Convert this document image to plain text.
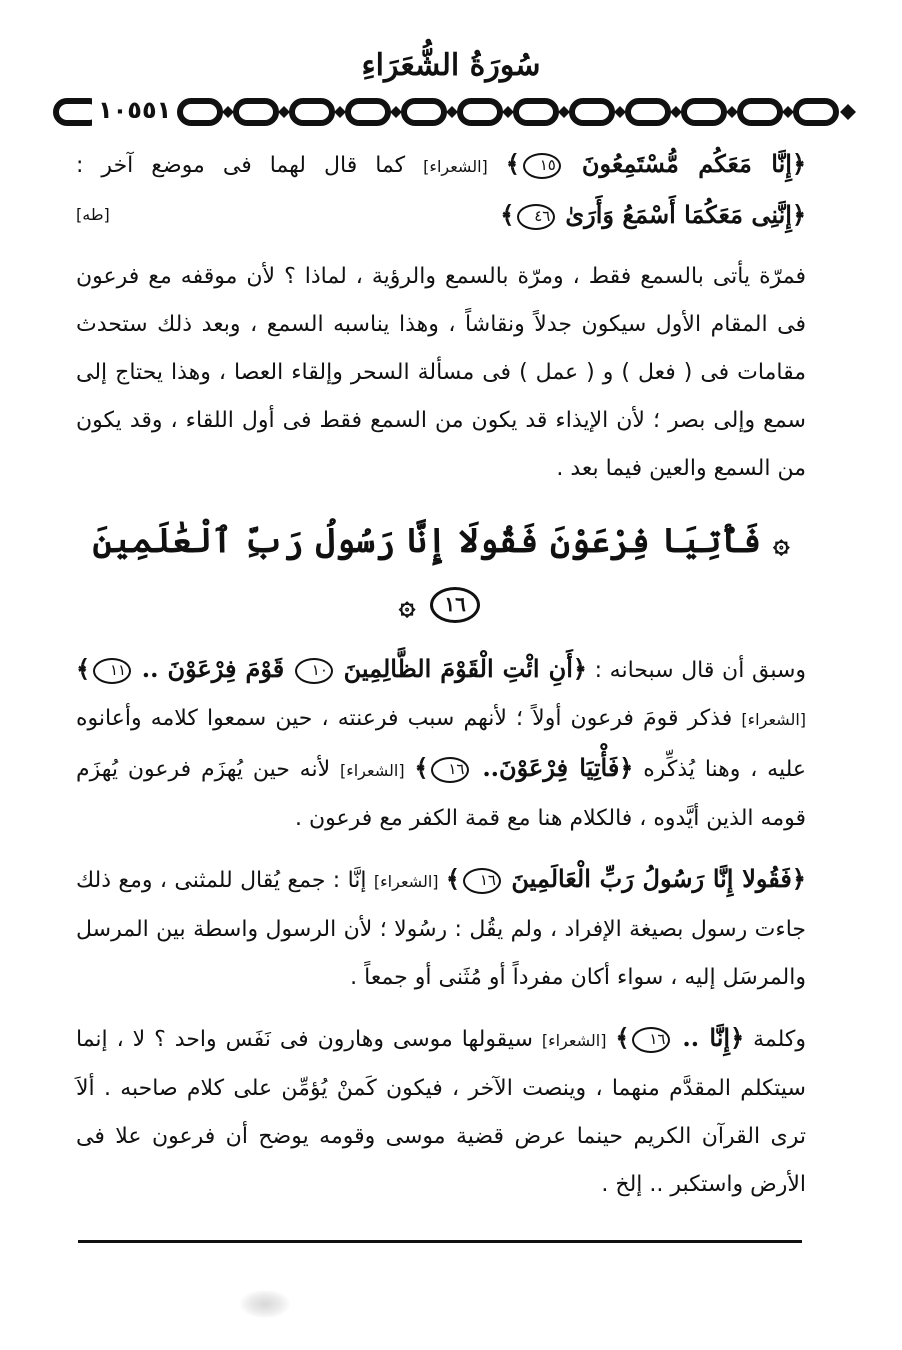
سُورَةُ الشُّعَرَاءِ
١٠٥٥١

﴿إِنَّا مَعَكُم مُّسْتَمِعُونَ ١٥﴾ [الشعراء] كما قال لهما فى موضع آخر : ﴿إِنَّنِى مَعَكُمَا أَسْمَعُ وَأَرَىٰ ٤٦﴾
[طه]

فمرّة يأتى بالسمع فقط ، ومرّة بالسمع والرؤية ، لماذا ؟ لأن موقفه مع فرعون فى المقام الأول سيكون جدلاً ونقاشاً ، وهذا يناسبه السمع ، وبعد ذلك ستحدث مقامات فى ( فعل ) و ( عمل ) فى مسألة السحر وإلقاء العصا ، وهذا يحتاج إلى سمع وإلى بصر ؛ لأن الإيذاء قد يكون من السمع فقط فى أول اللقاء ، وقد يكون من السمع والعين فيما بعد .

۞ فَأْتِيَا فِرْعَوْنَ فَقُولَا إِنَّا رَسُولُ رَبِّ ٱلْعَٰلَمِينَ ١٦ ۞

وسبق أن قال سبحانه : ﴿أَنِ ائْتِ الْقَوْمَ الظَّالِمِينَ ١٠ قَوْمَ فِرْعَوْنَ .. ١١﴾ [الشعراء] فذكر قومَ فرعون أولاً ؛ لأنهم سبب فرعنته ، حين سمعوا كلامه وأعانوه عليه ، وهنا يُذكِّره ﴿فَأْتِيَا فِرْعَوْنَ.. ١٦﴾ [الشعراء] لأنه حين يُهزَم فرعون يُهزَم قومه الذين أيَّدوه ، فالكلام هنا مع قمة الكفر مع فرعون .

﴿فَقُولا إِنَّا رَسُولُ رَبِّ الْعَالَمِينَ ١٦﴾ [الشعراء] إنَّا : جمع يُقال للمثنى ، ومع ذلك جاءت رسول بصيغة الإفراد ، ولم يقُل : رسُولا ؛ لأن الرسول واسطة بين المرسل والمرسَل إليه ، سواء أكان مفرداً أو مُثَنى أو جمعاً .

وكلمة ﴿إِنَّا .. ١٦﴾ [الشعراء] سيقولها موسى وهارون فى نَفَس واحد ؟ لا ، إنما سيتكلم المقدَّم منهما ، وينصت الآخر ، فيكون كَمنْ يُؤمِّن على كلام صاحبه . ألاَ ترى القرآن الكريم حينما عرض قضية موسى وقومه يوضح أن فرعون علا فى الأرض واستكبر .. إلخ .
